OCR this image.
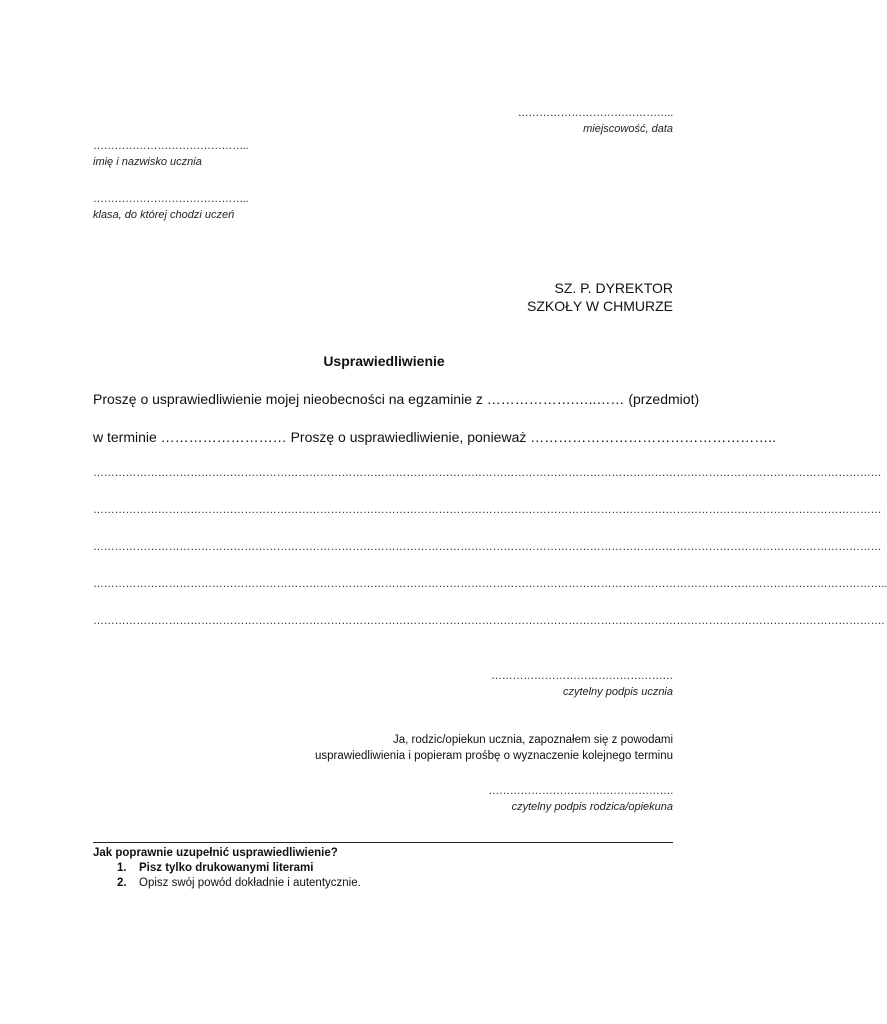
……………………………………..
miejscowość, data
……………………………………..
imię i nazwisko ucznia
……………………………………..
klasa, do której chodzi uczeń
SZ. P. DYREKTOR
SZKOŁY W CHMURZE
Usprawiedliwienie
Proszę o usprawiedliwienie mojej nieobecności na egzaminie z ……………….…..…… (przedmiot)
w terminie ……………………… Proszę o usprawiedliwienie, ponieważ ……………………………………………..
…………………………………………………………………………………………………………………………………………………………………………………………………
…………………………………………………………………………………………………………………………………………………………………………………………………
…………………………………………………………………………………………………………………………………………………………………………………………………
…………………………………………………………………………………………………………………………………………………………………………………………………..
………………………………………………………………………………………………………………………………………………………………………………………………….
……………………………………………
czytelny podpis ucznia
Ja, rodzic/opiekun ucznia, zapoznałem się z powodami
usprawiedliwienia i popieram prośbę o wyznaczenie kolejnego terminu
…………………………………………….
czytelny podpis rodzica/opiekuna
Jak poprawnie uzupełnić usprawiedliwienie?
1. Pisz tylko drukowanymi literami
2. Opisz swój powód dokładnie i autentycznie.
